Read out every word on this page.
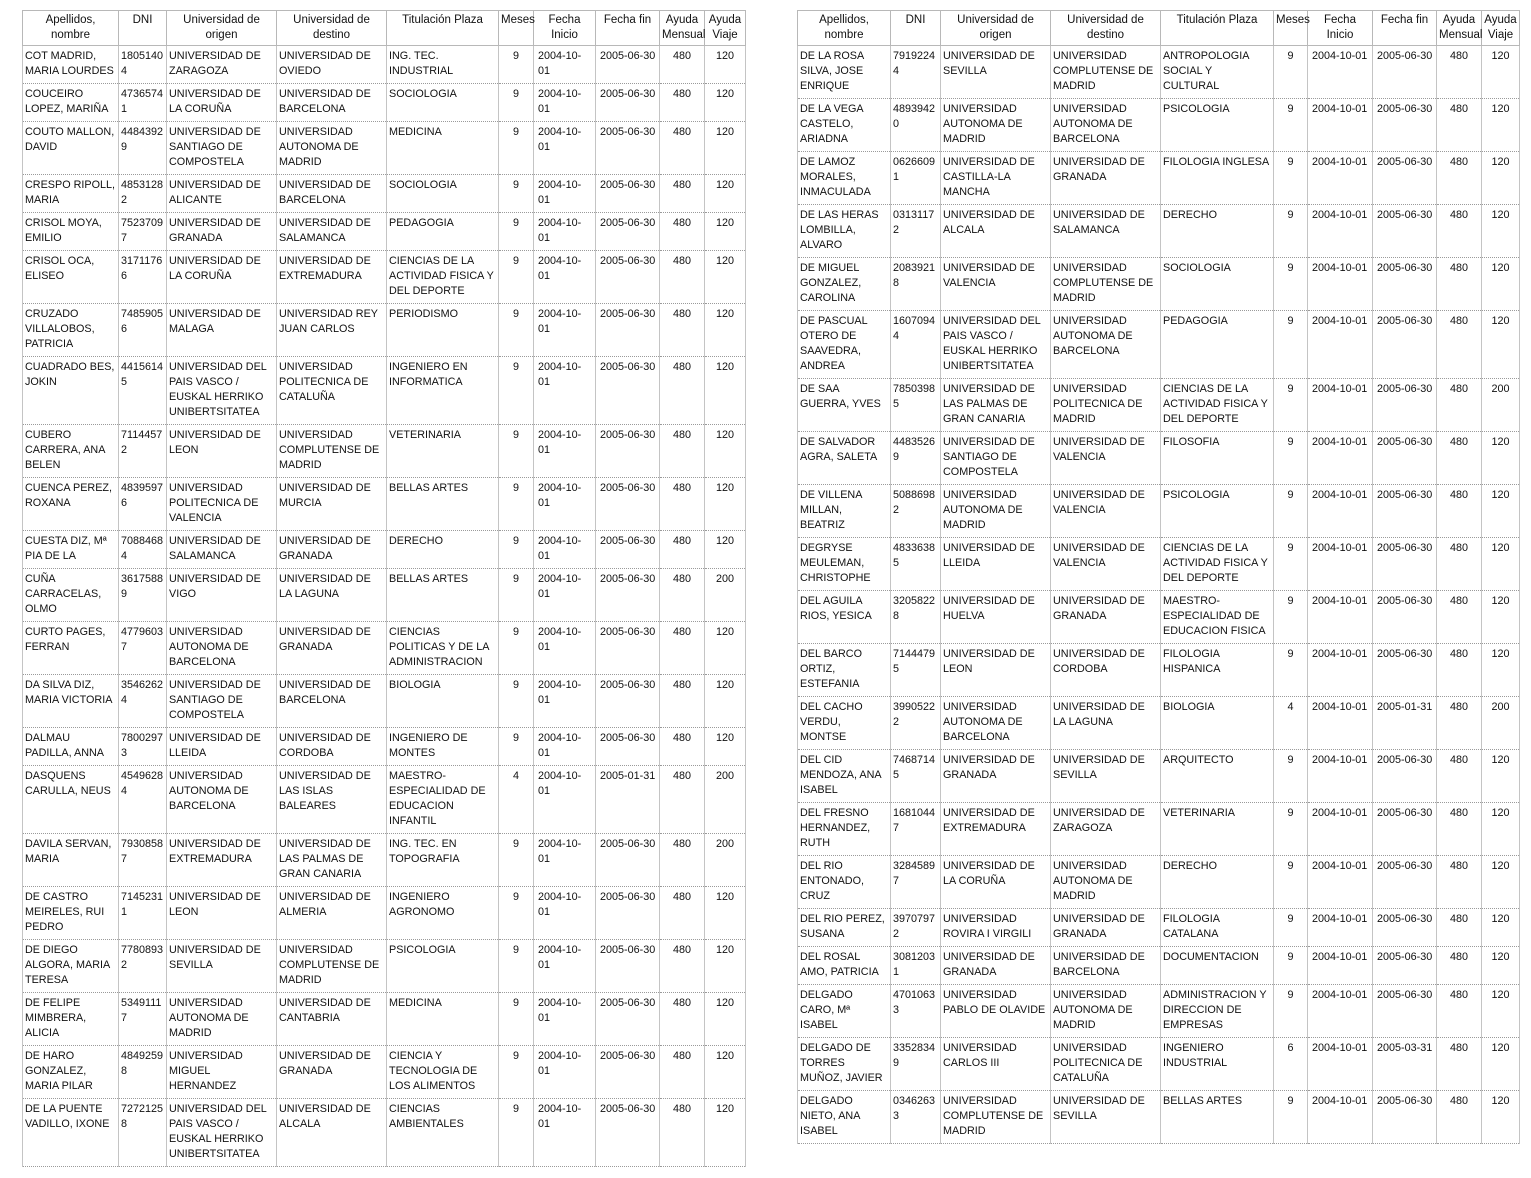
Apellidos, nombre	DNI	Universidad de origen	Universidad de destino	Titulación Plaza	Meses	Fecha Inicio	Fecha fin	Ayuda Mensual	Ayuda Viaje
COT MADRID, MARIA LOURDES	18051404	UNIVERSIDAD DE ZARAGOZA	UNIVERSIDAD DE OVIEDO	ING. TEC. INDUSTRIAL	9	2004-10-01	2005-06-30	480	120
COUCEIRO LOPEZ, MARIÑA	47365741	UNIVERSIDAD DE LA CORUÑA	UNIVERSIDAD DE BARCELONA	SOCIOLOGIA	9	2004-10-01	2005-06-30	480	120
COUTO MALLON, DAVID	44843929	UNIVERSIDAD DE SANTIAGO DE COMPOSTELA	UNIVERSIDAD AUTONOMA DE MADRID	MEDICINA	9	2004-10-01	2005-06-30	480	120
CRESPO RIPOLL, MARIA	48531282	UNIVERSIDAD DE ALICANTE	UNIVERSIDAD DE BARCELONA	SOCIOLOGIA	9	2004-10-01	2005-06-30	480	120
CRISOL MOYA, EMILIO	75237097	UNIVERSIDAD DE GRANADA	UNIVERSIDAD DE SALAMANCA	PEDAGOGIA	9	2004-10-01	2005-06-30	480	120
CRISOL OCA, ELISEO	31711766	UNIVERSIDAD DE LA CORUÑA	UNIVERSIDAD DE EXTREMADURA	CIENCIAS DE LA ACTIVIDAD FISICA Y DEL DEPORTE	9	2004-10-01	2005-06-30	480	120
CRUZADO VILLALOBOS, PATRICIA	74859056	UNIVERSIDAD DE MALAGA	UNIVERSIDAD REY JUAN CARLOS	PERIODISMO	9	2004-10-01	2005-06-30	480	120
CUADRADO BES, JOKIN	44156145	UNIVERSIDAD DEL PAIS VASCO / EUSKAL HERRIKO UNIBERTSITATEA	UNIVERSIDAD POLITECNICA DE CATALUÑA	INGENIERO EN INFORMATICA	9	2004-10-01	2005-06-30	480	120
CUBERO CARRERA, ANA BELEN	71144572	UNIVERSIDAD DE LEON	UNIVERSIDAD COMPLUTENSE DE MADRID	VETERINARIA	9	2004-10-01	2005-06-30	480	120
CUENCA PEREZ, ROXANA	48395976	UNIVERSIDAD POLITECNICA DE VALENCIA	UNIVERSIDAD DE MURCIA	BELLAS ARTES	9	2004-10-01	2005-06-30	480	120
CUESTA DIZ, Mª PIA DE LA	70884684	UNIVERSIDAD DE SALAMANCA	UNIVERSIDAD DE GRANADA	DERECHO	9	2004-10-01	2005-06-30	480	120
CUÑA CARRACELAS, OLMO	36175889	UNIVERSIDAD DE VIGO	UNIVERSIDAD DE LA LAGUNA	BELLAS ARTES	9	2004-10-01	2005-06-30	480	200
CURTO PAGES, FERRAN	47796037	UNIVERSIDAD AUTONOMA DE BARCELONA	UNIVERSIDAD DE GRANADA	CIENCIAS POLITICAS Y DE LA ADMINISTRACION	9	2004-10-01	2005-06-30	480	120
DA SILVA DIZ, MARIA VICTORIA	35462624	UNIVERSIDAD DE SANTIAGO DE COMPOSTELA	UNIVERSIDAD DE BARCELONA	BIOLOGIA	9	2004-10-01	2005-06-30	480	120
DALMAU PADILLA, ANNA	78002973	UNIVERSIDAD DE LLEIDA	UNIVERSIDAD DE CORDOBA	INGENIERO DE MONTES	9	2004-10-01	2005-06-30	480	120
DASQUENS CARULLA, NEUS	45496284	UNIVERSIDAD AUTONOMA DE BARCELONA	UNIVERSIDAD DE LAS ISLAS BALEARES	MAESTRO-ESPECIALIDAD DE EDUCACION INFANTIL	4	2004-10-01	2005-01-31	480	200
DAVILA SERVAN, MARIA	79308587	UNIVERSIDAD DE EXTREMADURA	UNIVERSIDAD DE LAS PALMAS DE GRAN CANARIA	ING. TEC. EN TOPOGRAFIA	9	2004-10-01	2005-06-30	480	200
DE CASTRO MEIRELES, RUI PEDRO	71452311	UNIVERSIDAD DE LEON	UNIVERSIDAD DE ALMERIA	INGENIERO AGRONOMO	9	2004-10-01	2005-06-30	480	120
DE DIEGO ALGORA, MARIA TERESA	77808932	UNIVERSIDAD DE SEVILLA	UNIVERSIDAD COMPLUTENSE DE MADRID	PSICOLOGIA	9	2004-10-01	2005-06-30	480	120
DE FELIPE MIMBRERA, ALICIA	53491117	UNIVERSIDAD AUTONOMA DE MADRID	UNIVERSIDAD DE CANTABRIA	MEDICINA	9	2004-10-01	2005-06-30	480	120
DE HARO GONZALEZ, MARIA PILAR	48492598	UNIVERSIDAD MIGUEL HERNANDEZ	UNIVERSIDAD DE GRANADA	CIENCIA Y TECNOLOGIA DE LOS ALIMENTOS	9	2004-10-01	2005-06-30	480	120
DE LA PUENTE VADILLO, IXONE	72721258	UNIVERSIDAD DEL PAIS VASCO / EUSKAL HERRIKO UNIBERTSITATEA	UNIVERSIDAD DE ALCALA	CIENCIAS AMBIENTALES	9	2004-10-01	2005-06-30	480	120
Apellidos, nombre	DNI	Universidad de origen	Universidad de destino	Titulación Plaza	Meses	Fecha Inicio	Fecha fin	Ayuda Mensual	Ayuda Viaje
DE LA ROSA SILVA, JOSE ENRIQUE	79192244	UNIVERSIDAD DE SEVILLA	UNIVERSIDAD COMPLUTENSE DE MADRID	ANTROPOLOGIA SOCIAL Y CULTURAL	9	2004-10-01	2005-06-30	480	120
DE LA VEGA CASTELO, ARIADNA	48939420	UNIVERSIDAD AUTONOMA DE MADRID	UNIVERSIDAD AUTONOMA DE BARCELONA	PSICOLOGIA	9	2004-10-01	2005-06-30	480	120
DE LAMOZ MORALES, INMACULADA	06266091	UNIVERSIDAD DE CASTILLA-LA MANCHA	UNIVERSIDAD DE GRANADA	FILOLOGIA INGLESA	9	2004-10-01	2005-06-30	480	120
DE LAS HERAS LOMBILLA, ALVARO	03131172	UNIVERSIDAD DE ALCALA	UNIVERSIDAD DE SALAMANCA	DERECHO	9	2004-10-01	2005-06-30	480	120
DE MIGUEL GONZALEZ, CAROLINA	20839218	UNIVERSIDAD DE VALENCIA	UNIVERSIDAD COMPLUTENSE DE MADRID	SOCIOLOGIA	9	2004-10-01	2005-06-30	480	120
DE PASCUAL OTERO DE SAAVEDRA, ANDREA	16070944	UNIVERSIDAD DEL PAIS VASCO / EUSKAL HERRIKO UNIBERTSITATEA	UNIVERSIDAD AUTONOMA DE BARCELONA	PEDAGOGIA	9	2004-10-01	2005-06-30	480	120
DE SAA GUERRA, YVES	78503985	UNIVERSIDAD DE LAS PALMAS DE GRAN CANARIA	UNIVERSIDAD POLITECNICA DE MADRID	CIENCIAS DE LA ACTIVIDAD FISICA Y DEL DEPORTE	9	2004-10-01	2005-06-30	480	200
DE SALVADOR AGRA, SALETA	44835269	UNIVERSIDAD DE SANTIAGO DE COMPOSTELA	UNIVERSIDAD DE VALENCIA	FILOSOFIA	9	2004-10-01	2005-06-30	480	120
DE VILLENA MILLAN, BEATRIZ	50886982	UNIVERSIDAD AUTONOMA DE MADRID	UNIVERSIDAD DE VALENCIA	PSICOLOGIA	9	2004-10-01	2005-06-30	480	120
DEGRYSE MEULEMAN, CHRISTOPHE	48336385	UNIVERSIDAD DE LLEIDA	UNIVERSIDAD DE VALENCIA	CIENCIAS DE LA ACTIVIDAD FISICA Y DEL DEPORTE	9	2004-10-01	2005-06-30	480	120
DEL AGUILA RIOS, YESICA	32058228	UNIVERSIDAD DE HUELVA	UNIVERSIDAD DE GRANADA	MAESTRO-ESPECIALIDAD DE EDUCACION FISICA	9	2004-10-01	2005-06-30	480	120
DEL BARCO ORTIZ, ESTEFANIA	71444795	UNIVERSIDAD DE LEON	UNIVERSIDAD DE CORDOBA	FILOLOGIA HISPANICA	9	2004-10-01	2005-06-30	480	120
DEL CACHO VERDU, MONTSE	39905222	UNIVERSIDAD AUTONOMA DE BARCELONA	UNIVERSIDAD DE LA LAGUNA	BIOLOGIA	4	2004-10-01	2005-01-31	480	200
DEL CID MENDOZA, ANA ISABEL	74687145	UNIVERSIDAD DE GRANADA	UNIVERSIDAD DE SEVILLA	ARQUITECTO	9	2004-10-01	2005-06-30	480	120
DEL FRESNO HERNANDEZ, RUTH	16810447	UNIVERSIDAD DE EXTREMADURA	UNIVERSIDAD DE ZARAGOZA	VETERINARIA	9	2004-10-01	2005-06-30	480	120
DEL RIO ENTONADO, CRUZ	32845897	UNIVERSIDAD DE LA CORUÑA	UNIVERSIDAD AUTONOMA DE MADRID	DERECHO	9	2004-10-01	2005-06-30	480	120
DEL RIO PEREZ, SUSANA	39707972	UNIVERSIDAD ROVIRA I VIRGILI	UNIVERSIDAD DE GRANADA	FILOLOGIA CATALANA	9	2004-10-01	2005-06-30	480	120
DEL ROSAL AMO, PATRICIA	30812031	UNIVERSIDAD DE GRANADA	UNIVERSIDAD DE BARCELONA	DOCUMENTACION	9	2004-10-01	2005-06-30	480	120
DELGADO CARO, Mª ISABEL	47010633	UNIVERSIDAD PABLO DE OLAVIDE	UNIVERSIDAD AUTONOMA DE MADRID	ADMINISTRACION Y DIRECCION DE EMPRESAS	9	2004-10-01	2005-06-30	480	120
DELGADO DE TORRES MUÑOZ, JAVIER	33528349	UNIVERSIDAD CARLOS III	UNIVERSIDAD POLITECNICA DE CATALUÑA	INGENIERO INDUSTRIAL	6	2004-10-01	2005-03-31	480	120
DELGADO NIETO, ANA ISABEL	03462633	UNIVERSIDAD COMPLUTENSE DE MADRID	UNIVERSIDAD DE SEVILLA	BELLAS ARTES	9	2004-10-01	2005-06-30	480	120
